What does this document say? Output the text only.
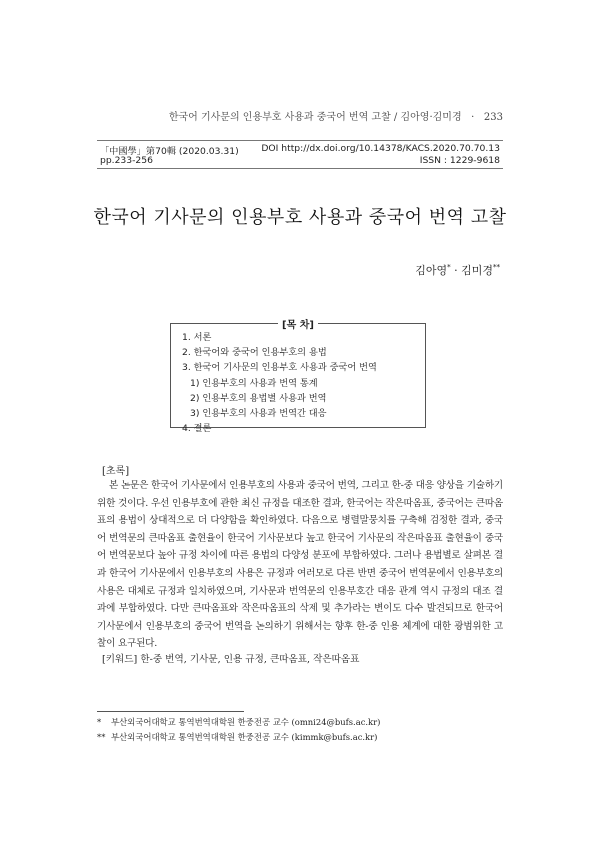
한국어 기사문의 인용부호 사용과 중국어 번역 고찰 / 김아영·김미경   ·   233
「中國學」第70輯 (2020.03.31) DOI http://dx.doi.org/10.14378/KACS.2020.70.70.13
pp.233-256	ISSN : 1229-9618
한국어 기사문의 인용부호 사용과 중국어 번역 고찰
김아영* · 김미경**
[목 차]
1. 서론
2. 한국어와 중국어 인용부호의 용법
3. 한국어 기사문의 인용부호 사용과 중국어 번역
1) 인용부호의 사용과 번역 통계
2) 인용부호의 용법별 사용과 번역
3) 인용부호의 사용과 번역간 대응
4. 결론
[초록]

본 논문은 한국어 기사문에서 인용부호의 사용과 중국어 번역, 그리고 한-중 대응 양상을 기술하기 위한 것이다. 우선 인용부호에 관한 최신 규정을 대조한 결과, 한국어는 작은따옴표, 중국어는 큰따옴표의 용법이 상대적으로 더 다양함을 확인하였다. 다음으로 병렬말뭉치를 구축해 검정한 결과, 중국어 번역문의 큰따옴표 출현율이 한국어 기사문보다 높고 한국어 기사문의 작은따옴표 출현율이 중국어 번역문보다 높아 규정 차이에 따른 용법의 다양성 분포에 부합하였다. 그러나 용법별로 살펴본 결과 한국어 기사문에서 인용부호의 사용은 규정과 여러모로 다른 반면 중국어 번역문에서 인용부호의 사용은 대체로 규정과 일치하였으며, 기사문과 번역문의 인용부호간 대응 관계 역시 규정의 대조 결과에 부합하였다. 다만 큰따옴표와 작은따옴표의 삭제 및 추가라는 변이도 다수 발견되므로 한국어 기사문에서 인용부호의 중국어 번역을 논의하기 위해서는 향후 한-중 인용 체계에 대한 광범위한 고찰이 요구된다.

[키워드] 한-중 번역, 기사문, 인용 규정, 큰따옴표, 작은따옴표
* 부산외국어대학교 통역번역대학원 한중전공 교수 (omni24@bufs.ac.kr)
** 부산외국어대학교 통역번역대학원 한중전공 교수 (kimmk@bufs.ac.kr)
